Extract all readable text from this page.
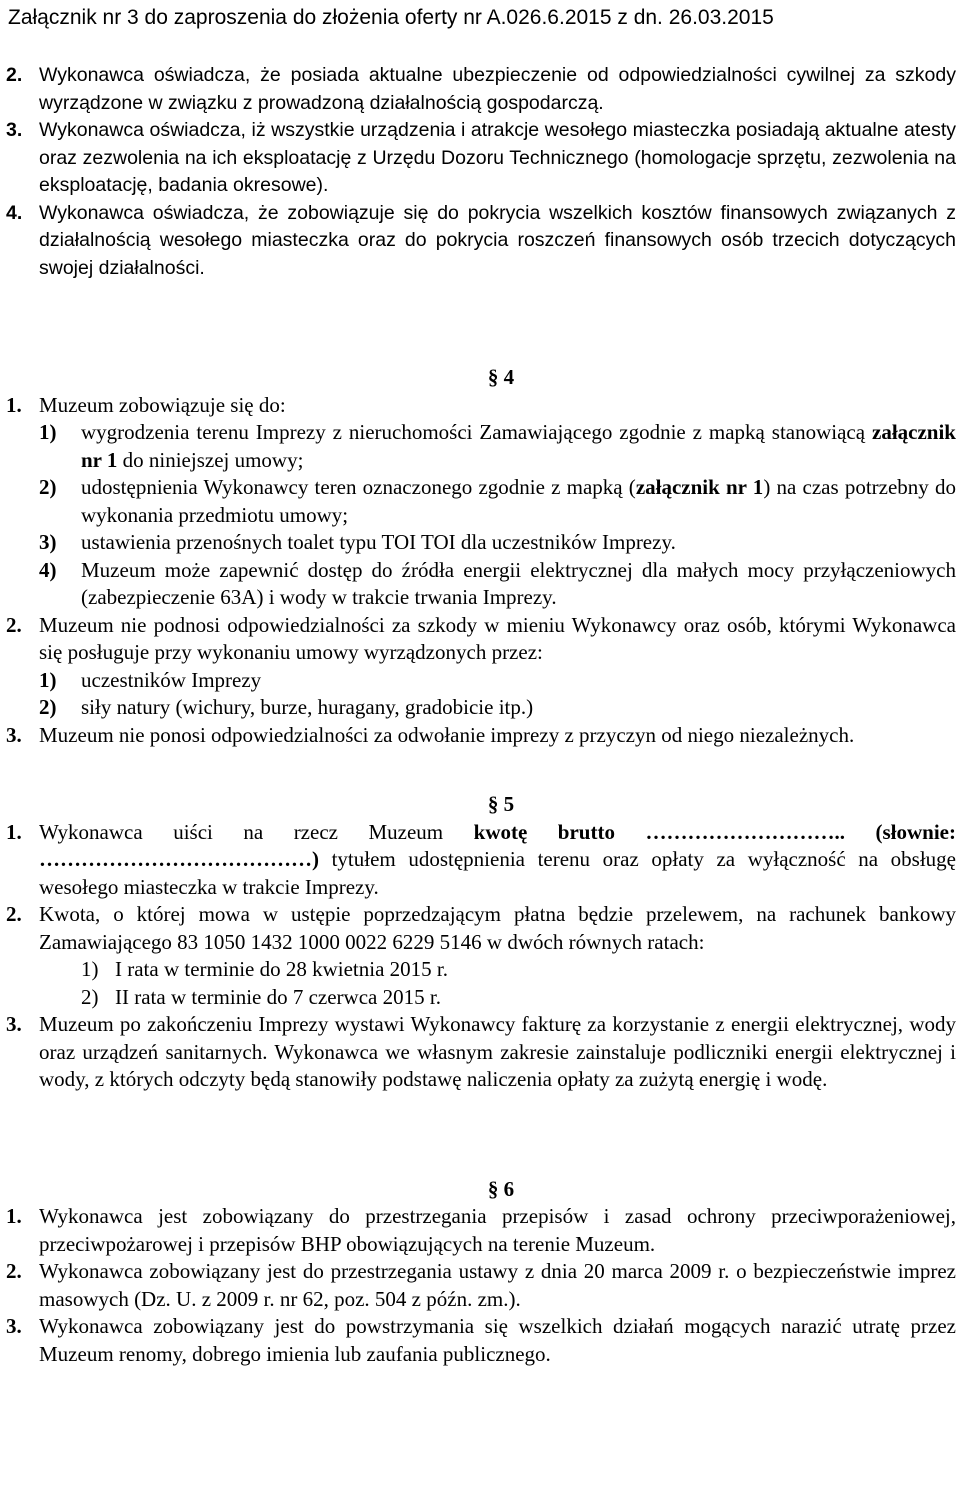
Załącznik nr 3 do zaproszenia do złożenia oferty nr A.026.6.2015 z dn. 26.03.2015
2. Wykonawca oświadcza, że posiada aktualne ubezpieczenie od odpowiedzialności cywilnej za szkody wyrządzone w związku z prowadzoną działalnością gospodarczą.
3. Wykonawca oświadcza, iż wszystkie urządzenia i atrakcje wesołego miasteczka posiadają aktualne atesty oraz zezwolenia na ich eksploatację z Urzędu Dozoru Technicznego (homologacje sprzętu, zezwolenia na eksploatację, badania okresowe).
4. Wykonawca oświadcza, że zobowiązuje się do pokrycia wszelkich kosztów finansowych związanych z działalnością wesołego miasteczka oraz do pokrycia roszczeń finansowych osób trzecich dotyczących swojej działalności.

§ 4

1. Muzeum zobowiązuje się do:
1)	wygrodzenia terenu Imprezy z nieruchomości Zamawiającego zgodnie z mapką stanowiącą załącznik nr 1 do niniejszej umowy;
2)	udostępnienia Wykonawcy teren oznaczonego zgodnie z mapką (załącznik nr 1) na czas potrzebny do wykonania przedmiotu umowy;
3)	ustawienia przenośnych toalet typu TOI TOI dla uczestników Imprezy.
4)	Muzeum może zapewnić dostęp do źródła energii elektrycznej dla małych mocy przyłączeniowych (zabezpieczenie 63A) i wody w trakcie trwania Imprezy.
2. Muzeum nie podnosi odpowiedzialności za szkody w mieniu Wykonawcy oraz osób, którymi Wykonawca się posługuje przy wykonaniu umowy wyrządzonych przez:
1)	uczestników Imprezy
2)	siły natury (wichury, burze, huragany, gradobicie itp.)
3. Muzeum nie ponosi odpowiedzialności za odwołanie imprezy z przyczyn od niego niezależnych.

§ 5

1. Wykonawca uiści na rzecz Muzeum kwotę brutto ……………………….. (słownie: …………………………………) tytułem udostępnienia terenu oraz opłaty za wyłączność na obsługę wesołego miasteczka w trakcie Imprezy.
2. Kwota, o której mowa w ustępie poprzedzającym płatna będzie przelewem, na rachunek bankowy Zamawiającego 83 1050 1432 1000 0022 6229 5146 w dwóch równych ratach:
1) I rata w terminie do 28 kwietnia 2015 r.
2) II rata w terminie do 7 czerwca 2015 r.
3. Muzeum po zakończeniu Imprezy wystawi Wykonawcy fakturę za korzystanie z energii elektrycznej, wody oraz urządzeń sanitarnych. Wykonawca we własnym zakresie zainstaluje podliczniki energii elektrycznej i wody, z których odczyty będą stanowiły podstawę naliczenia opłaty za zużytą energię i wodę.

§ 6

1. Wykonawca jest zobowiązany do przestrzegania przepisów i zasad ochrony przeciwporażeniowej, przeciwpożarowej i przepisów BHP obowiązujących na terenie Muzeum.
2. Wykonawca zobowiązany jest do przestrzegania ustawy z dnia 20 marca 2009 r. o bezpieczeństwie imprez masowych (Dz. U. z 2009 r. nr 62, poz. 504 z późn. zm.).
3. Wykonawca zobowiązany jest do powstrzymania się wszelkich działań mogących narazić utratę przez Muzeum renomy, dobrego imienia lub zaufania publicznego.
